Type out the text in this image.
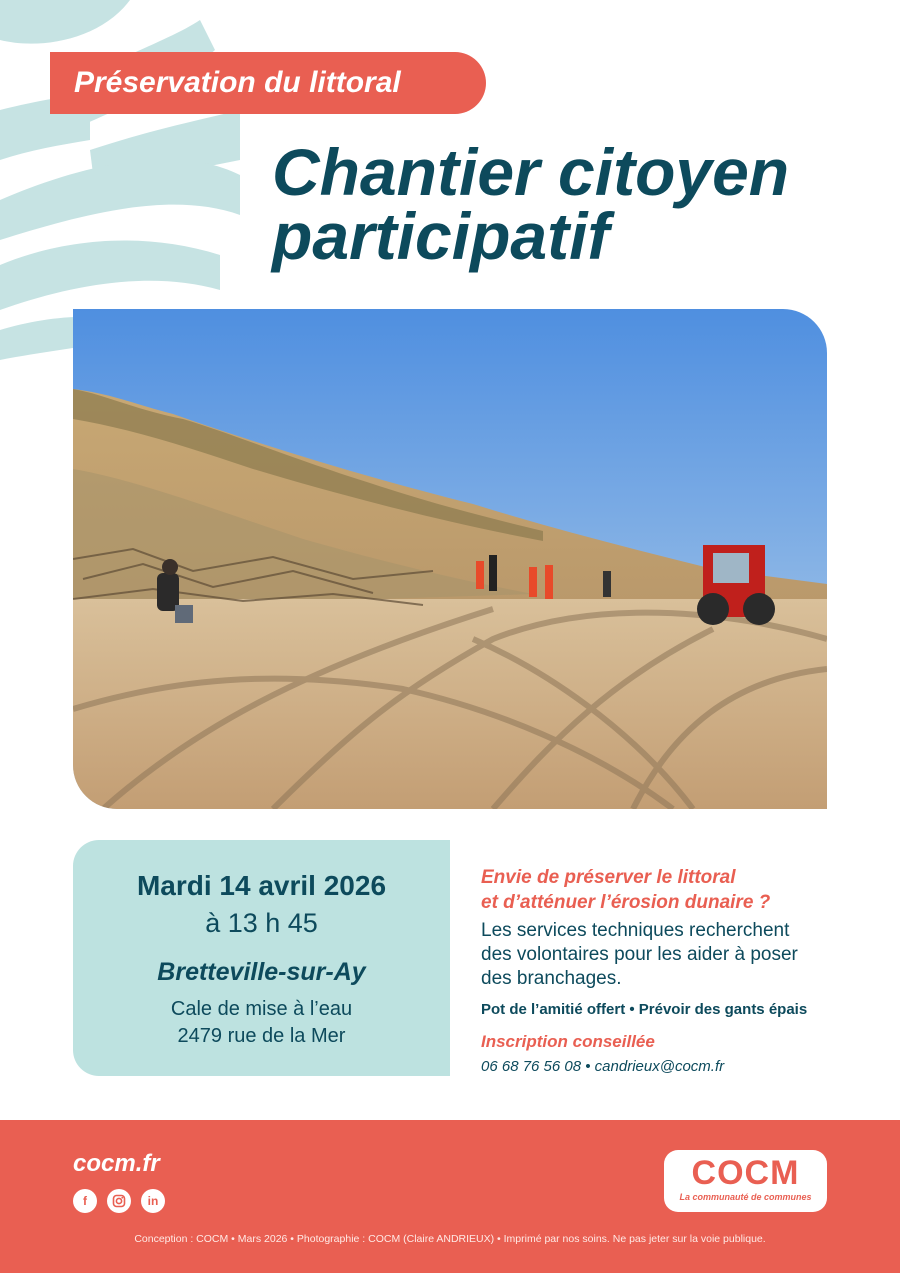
Préservation du littoral
Chantier citoyen
participatif
Mardi 14 avril 2026
à 13 h 45
Bretteville-sur-Ay
Cale de mise à l’eau
2479 rue de la Mer
Envie de préserver le littoral
et d’atténuer l’érosion dunaire ?
Les services techniques recherchent
des volontaires pour les aider à poser
des branchages.
Pot de l’amitié offert • Prévoir des gants épais
Inscription conseillée
06 68 76 56 08 • candrieux@cocm.fr
cocm.fr
f	in
COCM
La communauté de communes
Conception : COCM • Mars 2026 • Photographie : COCM (Claire ANDRIEUX) • Imprimé par nos soins. Ne pas jeter sur la voie publique.
